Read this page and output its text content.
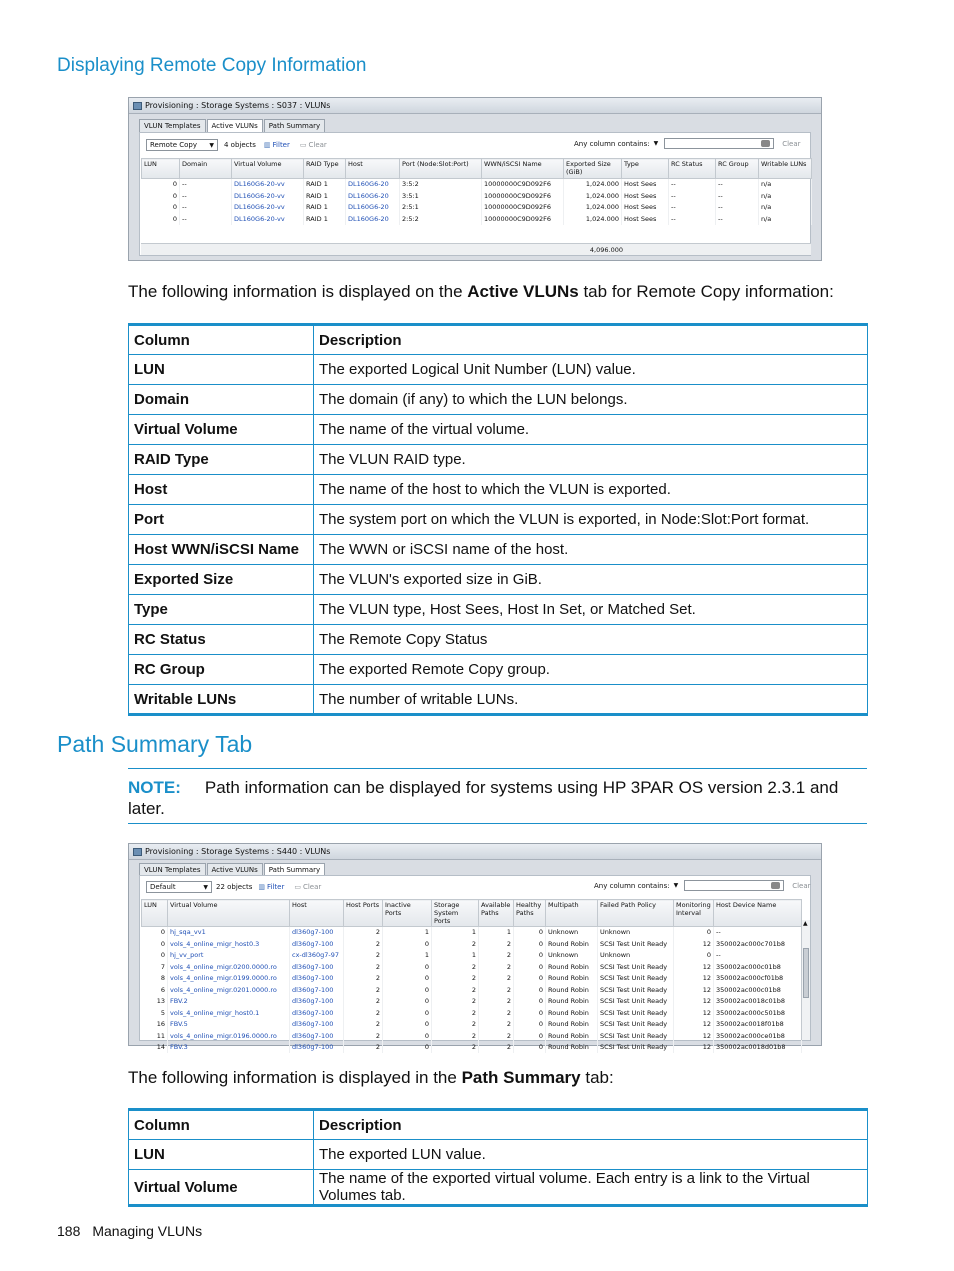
Displaying Remote Copy Information
Provisioning : Storage Systems : S037 : VLUNs
VLUN Templates	Active VLUNs	Path Summary
Remote Copy ▼ 4 objects ▥ Filter ▭ Clear	Any column contains: ▼	Clear
LUN	Domain	Virtual Volume	RAID Type	Host	Port (Node:Slot:Port)	WWN/iSCSI Name	Exported Size (GiB)	Type	RC Status	RC Group	Writable LUNs
0	--	DL160G6-20-vv	RAID 1	DL160G6-20	3:5:2	10000000C9D092F6	1,024.000	Host Sees	--	--	n/a
0	--	DL160G6-20-vv	RAID 1	DL160G6-20	3:5:1	10000000C9D092F6	1,024.000	Host Sees	--	--	n/a
0	--	DL160G6-20-vv	RAID 1	DL160G6-20	2:5:1	10000000C9D092F6	1,024.000	Host Sees	--	--	n/a
0	--	DL160G6-20-vv	RAID 1	DL160G6-20	2:5:2	10000000C9D092F6	1,024.000	Host Sees	--	--	n/a
4,096.000
The following information is displayed on the Active VLUNs tab for Remote Copy information:
Column	Description
LUN	The exported Logical Unit Number (LUN) value.
Domain	The domain (if any) to which the LUN belongs.
Virtual Volume	The name of the virtual volume.
RAID Type	The VLUN RAID type.
Host	The name of the host to which the VLUN is exported.
Port	The system port on which the VLUN is exported, in Node:Slot:Port format.
Host WWN/iSCSI Name	The WWN or iSCSI name of the host.
Exported Size	The VLUN's exported size in GiB.
Type	The VLUN type, Host Sees, Host In Set, or Matched Set.
RC Status	The Remote Copy Status
RC Group	The exported Remote Copy group.
Writable LUNs	The number of writable LUNs.
Path Summary Tab
NOTE: Path information can be displayed for systems using HP 3PAR OS version 2.3.1 and later.
Provisioning : Storage Systems : S440 : VLUNs
VLUN Templates	Active VLUNs	Path Summary
Default	▼ 22 objects ▥ Filter ▭ Clear	Any column contains: ▼	Clear
LUN	Virtual Volume	Host	Host Ports	Inactive Ports	Storage System Ports	Available Paths	Healthy Paths	Multipath	Failed Path Policy	Monitoring Interval	Host Device Name
0	hj_sqa_vv1	dl360g7-100	2	1	1	1	0	Unknown	Unknown	0	--
0	vols_4_online_migr_host0.3	dl360g7-100	2	0	2	2	0	Round Robin	SCSI Test Unit Ready	12	350002ac000c701b8
0	hj_vv_port	cx-dl360g7-97	2	1	1	2	0	Unknown	Unknown	0	--
7	vols_4_online_migr.0200.0000.ro	dl360g7-100	2	0	2	2	0	Round Robin	SCSI Test Unit Ready	12	350002ac000c01b8
8	vols_4_online_migr.0199.0000.ro	dl360g7-100	2	0	2	2	0	Round Robin	SCSI Test Unit Ready	12	350002ac000cf01b8
6	vols_4_online_migr.0201.0000.ro	dl360g7-100	2	0	2	2	0	Round Robin	SCSI Test Unit Ready	12	350002ac000c01b8
13	FBV.2	dl360g7-100	2	0	2	2	0	Round Robin	SCSI Test Unit Ready	12	350002ac0018c01b8
5	vols_4_online_migr_host0.1	dl360g7-100	2	0	2	2	0	Round Robin	SCSI Test Unit Ready	12	350002ac000c501b8
16	FBV.5	dl360g7-100	2	0	2	2	0	Round Robin	SCSI Test Unit Ready	12	350002ac0018f01b8
11	vols_4_online_migr.0196.0000.ro	dl360g7-100	2	0	2	2	0	Round Robin	SCSI Test Unit Ready	12	350002ac000ce01b8
14	FBV.3	dl360g7-100	2	0	2	2	0	Round Robin	SCSI Test Unit Ready	12	350002ac0018d01b8
▲
The following information is displayed in the Path Summary tab:
Column	Description
LUN	The exported LUN value.
Virtual Volume	The name of the exported virtual volume. Each entry is a link to the Virtual Volumes tab.
188 Managing VLUNs
